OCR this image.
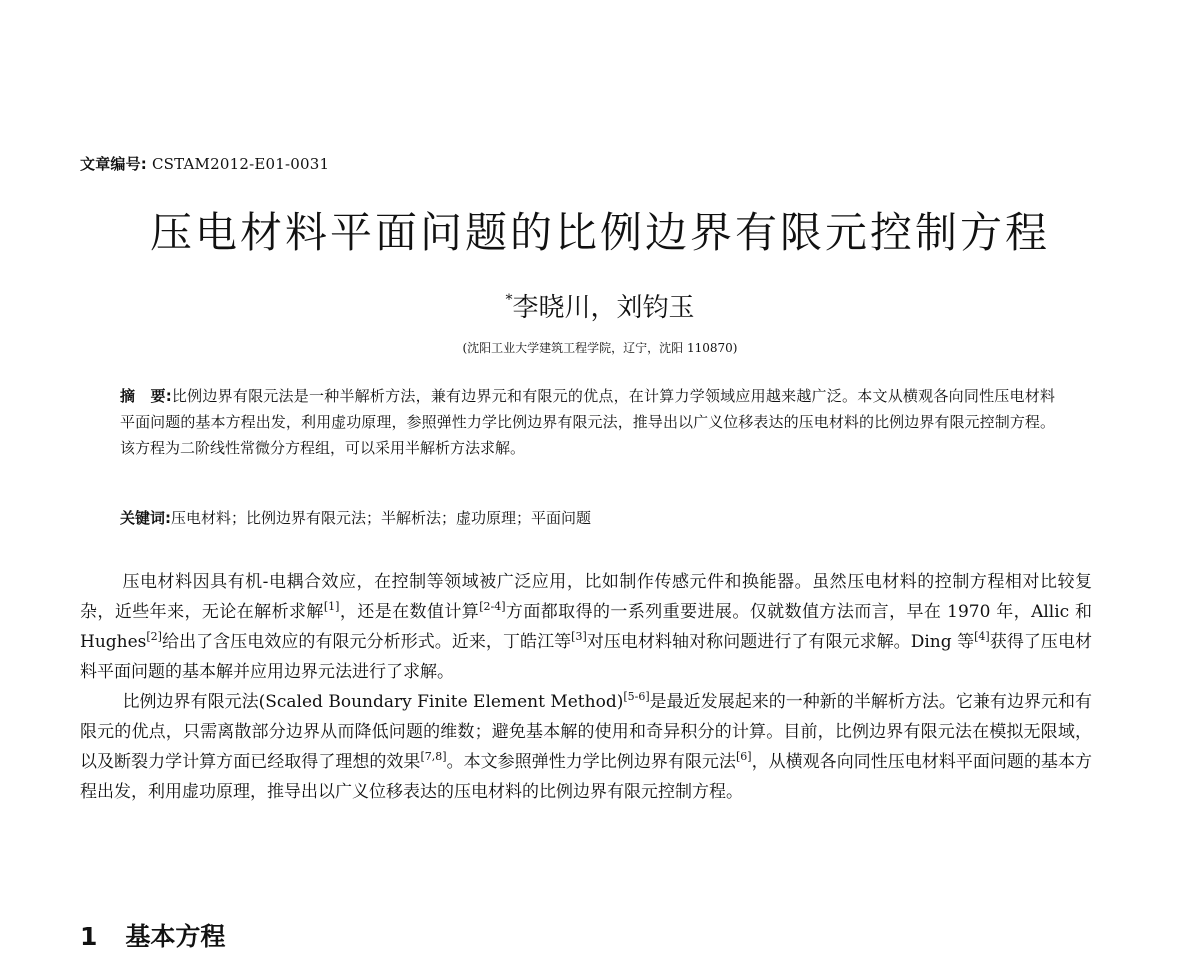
文章编号: CSTAM2012-E01-0031
压电材料平面问题的比例边界有限元控制方程
*李晓川，刘钧玉
(沈阳工业大学建筑工程学院，辽宁，沈阳 110870)
摘　要:比例边界有限元法是一种半解析方法，兼有边界元和有限元的优点，在计算力学领域应用越来越广泛。本文从横观各向同性压电材料平面问题的基本方程出发，利用虚功原理，参照弹性力学比例边界有限元法，推导出以广义位移表达的压电材料的比例边界有限元控制方程。该方程为二阶线性常微分方程组，可以采用半解析方法求解。
关键词:压电材料；比例边界有限元法；半解析法；虚功原理；平面问题

压电材料因具有机-电耦合效应，在控制等领域被广泛应用，比如制作传感元件和换能器。虽然压电材料的控制方程相对比较复杂，近些年来，无论在解析求解[1]，还是在数值计算[2-4]方面都取得的一系列重要进展。仅就数值方法而言，早在 1970 年，Allic 和 Hughes[2]给出了含压电效应的有限元分析形式。近来，丁皓江等[3]对压电材料轴对称问题进行了有限元求解。Ding 等[4]获得了压电材料平面问题的基本解并应用边界元法进行了求解。

比例边界有限元法(Scaled Boundary Finite Element Method)[5-6]是最近发展起来的一种新的半解析方法。它兼有边界元和有限元的优点，只需离散部分边界从而降低问题的维数；避免基本解的使用和奇异积分的计算。目前，比例边界有限元法在模拟无限域，以及断裂力学计算方面已经取得了理想的效果[7,8]。本文参照弹性力学比例边界有限元法[6]，从横观各向同性压电材料平面问题的基本方程出发，利用虚功原理，推导出以广义位移表达的压电材料的比例边界有限元控制方程。

1 基本方程
